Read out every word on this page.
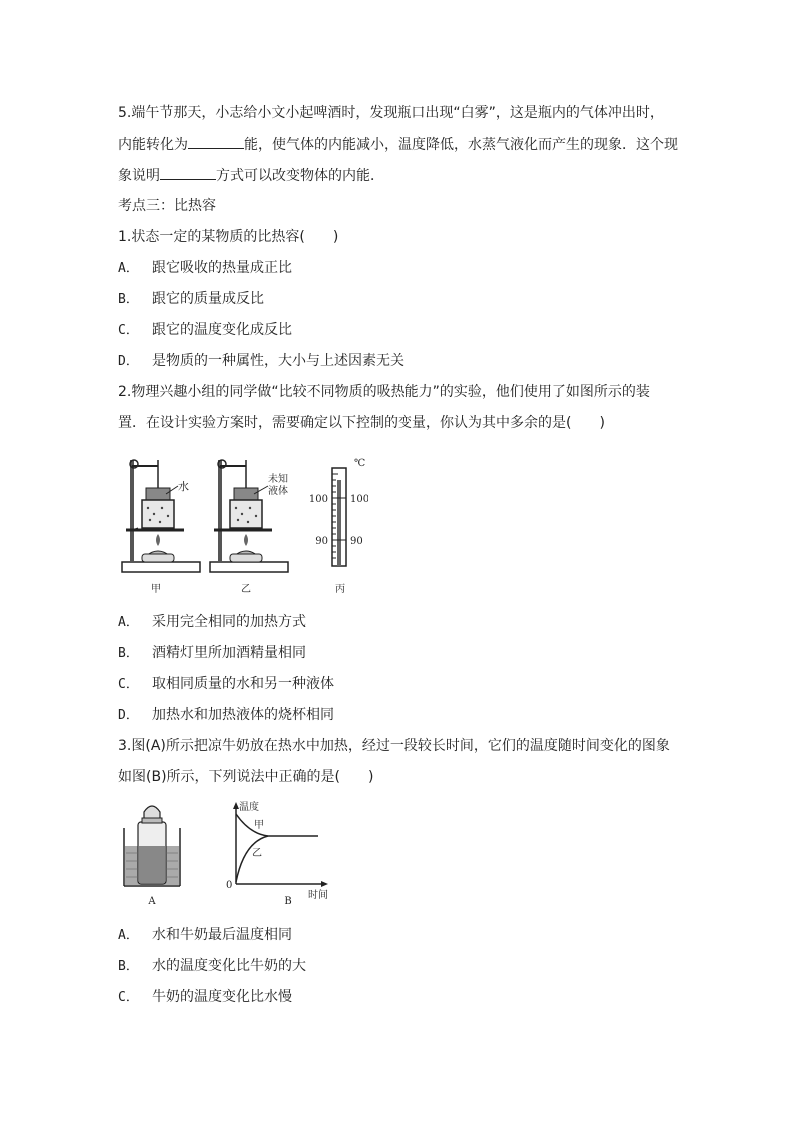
5.端午节那天，小志给小文小起啤酒时，发现瓶口出现“白雾”，这是瓶内的气体冲出时，
内能转化为	能，使气体的内能减小，温度降低，水蒸气液化而产生的现象．这个现
象说明	方式可以改变物体的内能．
考点三：比热容
1.状态一定的某物质的比热容(　　)
A． 跟它吸收的热量成正比
B． 跟它的质量成反比
C． 跟它的温度变化成反比
D． 是物质的一种属性，大小与上述因素无关
2.物理兴趣小组的同学做“比较不同物质的吸热能力”的实验，他们使用了如图所示的装
置．在设计实验方案时，需要确定以下控制的变量，你认为其中多余的是(　　)
水
甲
未知
液体
乙
℃
100 100
90 90
丙
A． 采用完全相同的加热方式
B． 酒精灯里所加酒精量相同
C． 取相同质量的水和另一种液体
D． 加热水和加热液体的烧杯相同
3.图(A)所示把凉牛奶放在热水中加热，经过一段较长时间，它们的温度随时间变化的图象
如图(B)所示，下列说法中正确的是(　　)
A
温度
时间
0
甲
乙
B
A． 水和牛奶最后温度相同
B． 水的温度变化比牛奶的大
C． 牛奶的温度变化比水慢
